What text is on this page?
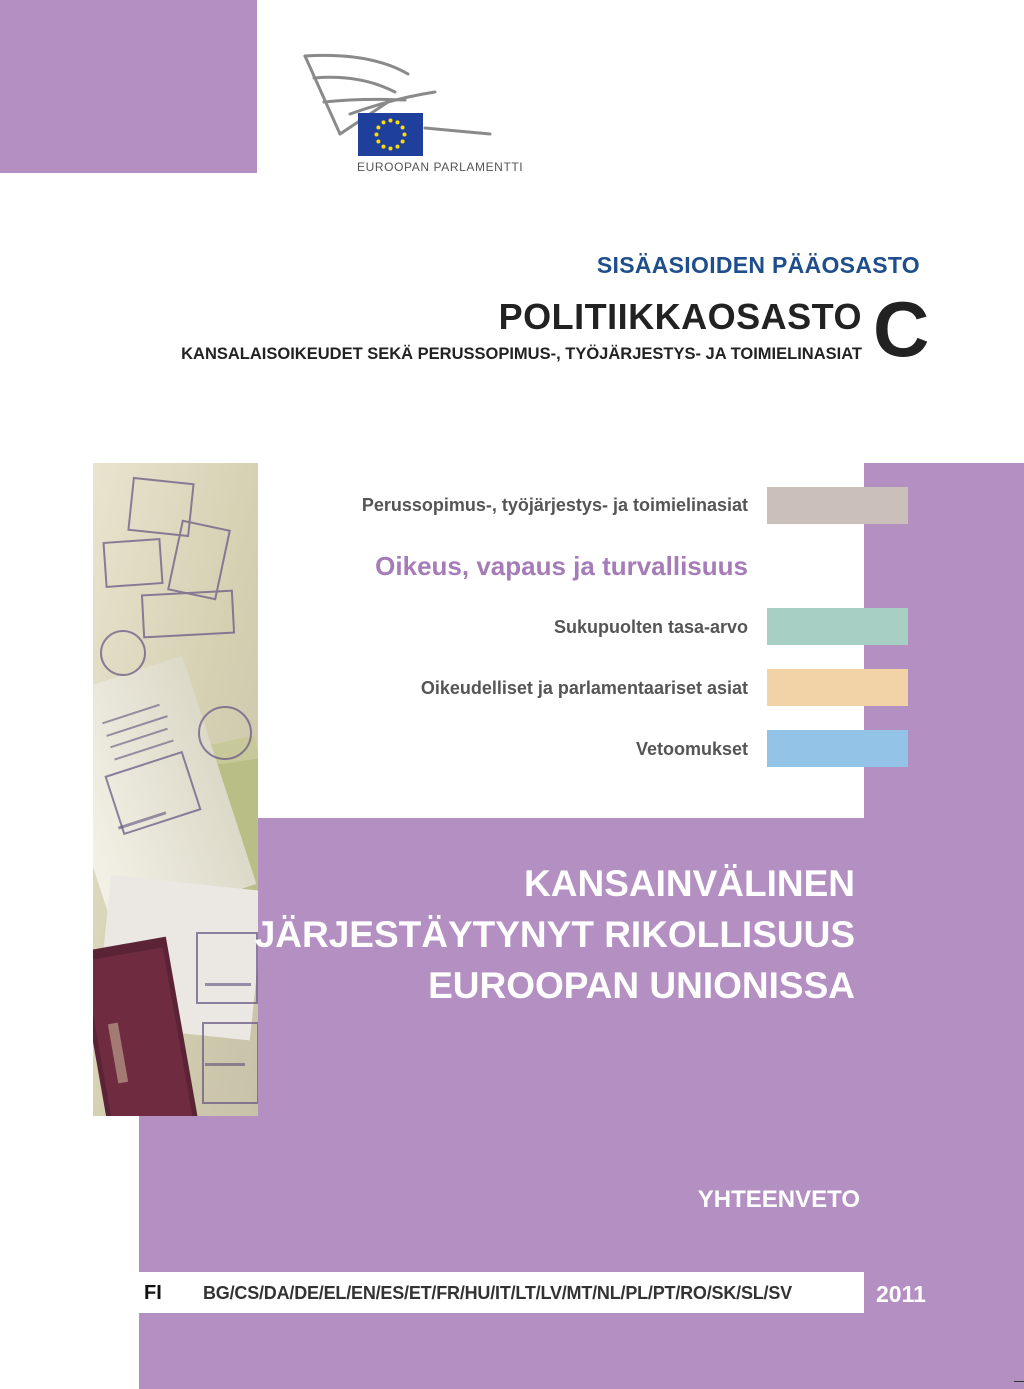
EUROOPAN PARLAMENTTI
SISÄASIOIDEN PÄÄOSASTO
POLITIIKKAOSASTO
KANSALAISOIKEUDET SEKÄ PERUSSOPIMUS-, TYÖJÄRJESTYS- JA TOIMIELINASIAT C
Perussopimus-, työjärjestys- ja toimielinasiat
Oikeus, vapaus ja turvallisuus
Sukupuolten tasa-arvo
Oikeudelliset ja parlamentaariset asiat
Vetoomukset
KANSAINVÄLINEN
JÄRJESTÄYTYNYT RIKOLLISUUS
EUROOPAN UNIONISSA
YHTEENVETO
FI BG/CS/DA/DE/EL/EN/ES/ET/FR/HU/IT/LT/LV/MT/NL/PL/PT/RO/SK/SL/SV	2011
